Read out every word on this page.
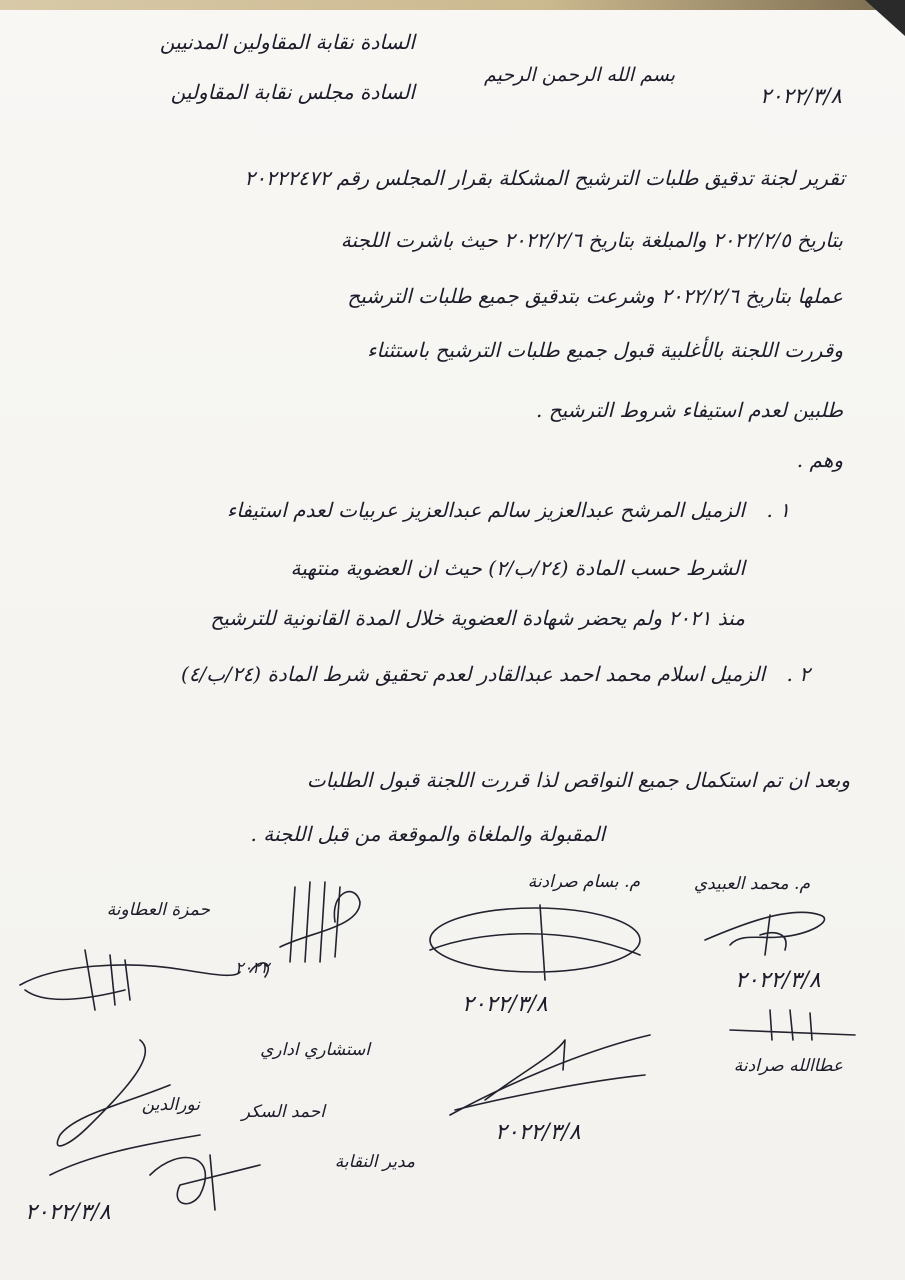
السادة نقابة المقاولين المدنيين
السادة مجلس نقابة المقاولين
بسم الله الرحمن الرحيم
٢٠٢٢/٣/٨
تقرير لجنة تدقيق طلبات الترشيح المشكلة بقرار المجلس رقم ٢٠٢٢٢٤٧٢
بتاريخ ٢٠٢٢/٢/٥ والمبلغة بتاريخ ٢٠٢٢/٢/٦ حيث باشرت اللجنة
عملها بتاريخ ٢٠٢٢/٢/٦ وشرعت بتدقيق جميع طلبات الترشيح
وقررت اللجنة بالأغلبية قبول جميع طلبات الترشيح باستثناء
طلبين لعدم استيفاء شروط الترشيح .
وهم .
١ .
الزميل المرشح عبدالعزيز سالم عبدالعزيز عربيات لعدم استيفاء
الشرط حسب المادة (٢٤/ب/٢) حيث ان العضوية منتهية
منذ ٢٠٢١ ولم يحضر شهادة العضوية خلال المدة القانونية للترشيح
٢ .
الزميل اسلام محمد احمد عبدالقادر لعدم تحقيق شرط المادة (٢٤/ب/٤)
وبعد ان تم استكمال جميع النواقص لذا قررت اللجنة قبول الطلبات
المقبولة والملغاة والموقعة من قبل اللجنة .
م. محمد العبيدي
٢٠٢٢/٣/٨
م. بسام صرادنة
٢٠٢٢/٣/٨
٢٠٢٢
حمزة العطاونة
عطاالله صرادنة
٢٠٢٢/٣/٨
استشاري اداري
احمد السكر
مدير النقابة
نورالدين
٢٠٢٢/٣/٨
